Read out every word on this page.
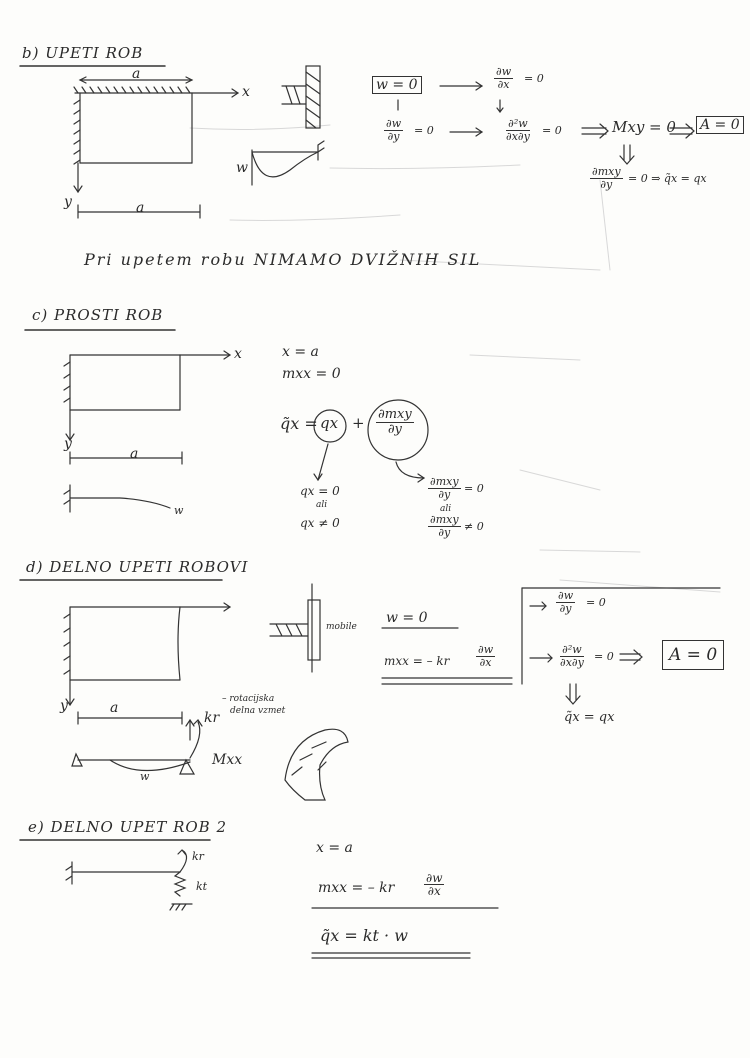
b) UPETI ROB
a
x
y
w
a
w = 0	$\frac{\partial w}{\partial x} = 0$
$\frac{\partial w}{\partial y} = 0$	$\frac{\text{∂²w}}{\partial x\partial y} = 0$	Mxy = 0 A = 0
∂mxy
∂y = 0 ⇒ q̃x = qx
Pri upetem robu NIMAMO DVIŽNIH SIL
c) PROSTI ROB
x
y
a
w
x = a
mxx = 0
q̃x = qx + ∂mxy
∂y
qx = 0
ali
qx ≠ 0
∂mxy
∂y = 0
ali
∂mxy
∂y ≠ 0
d) DELNO UPETI ROBOVI
y	a
w
kr
– rotacijska
delna vzmet
Mxx
mobile
w = 0
mxx = – kr $\frac{\partial w}{\partial x}$
$\frac{\partial w}{\partial y} = 0$
$\frac{\text{∂²w}}{\partial x\partial y} = 0$	A = 0
q̃x = qx
e) DELNO UPET ROB 2
kr
kt
x = a
mxx = – kr $\frac{\partial w}{\partial x}$
q̃x = kt · w
